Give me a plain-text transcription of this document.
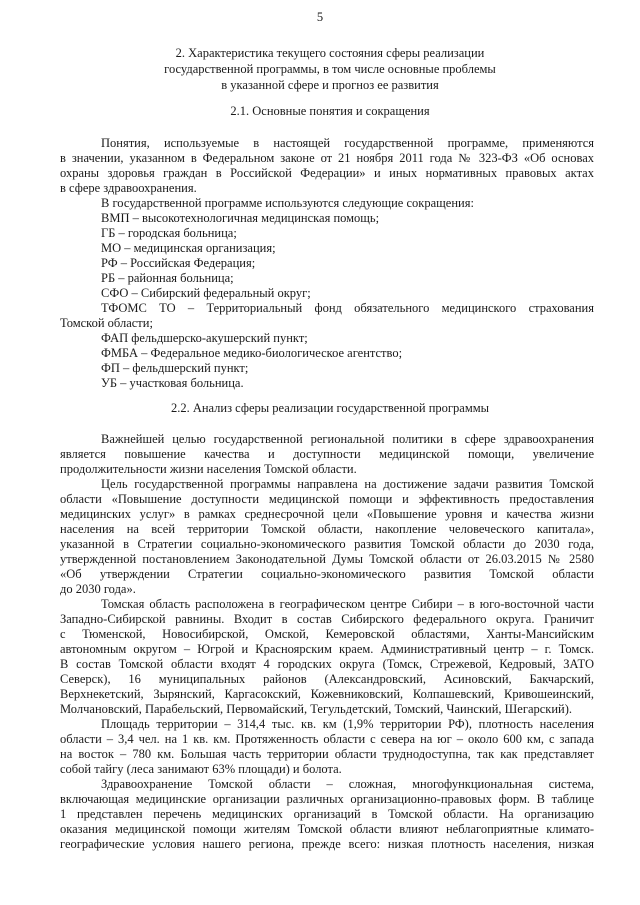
5
2. Характеристика текущего состояния сферы реализации
государственной программы, в том числе основные проблемы
в указанной сфере и прогноз ее развития
2.1. Основные понятия и сокращения
Понятия, используемые в настоящей государственной программе, применяются
в значении, указанном в Федеральном законе от 21 ноября 2011 года № 323-ФЗ «Об основах
охраны здоровья граждан в Российской Федерации» и иных нормативных правовых актах
в сфере здравоохранения.
В государственной программе используются следующие сокращения:
ВМП – высокотехнологичная медицинская помощь;
ГБ – городская больница;
МО – медицинская организация;
РФ – Российская Федерация;
РБ – районная больница;
СФО – Сибирский федеральный округ;
ТФОМС ТО – Территориальный фонд обязательного медицинского страхования
Томской области;
ФАП фельдшерско-акушерский пункт;
ФМБА – Федеральное медико-биологическое агентство;
ФП – фельдшерский пункт;
УБ – участковая больница.
2.2. Анализ сферы реализации государственной программы
Важнейшей целью государственной региональной политики в сфере здравоохранения
является повышение качества и доступности медицинской помощи, увеличение
продолжительности жизни населения Томской области.
Цель государственной программы направлена на достижение задачи развития Томской
области «Повышение доступности медицинской помощи и эффективность предоставления
медицинских услуг» в рамках среднесрочной цели «Повышение уровня и качества жизни
населения на всей территории Томской области, накопление человеческого капитала»,
указанной в Стратегии социально-экономического развития Томской области до 2030 года,
утвержденной постановлением Законодательной Думы Томской области от 26.03.2015 № 2580
«Об утверждении Стратегии социально-экономического развития Томской области
до 2030 года».
Томская область расположена в географическом центре Сибири – в юго-восточной части
Западно-Сибирской равнины. Входит в состав Сибирского федерального округа. Граничит
с Тюменской, Новосибирской, Омской, Кемеровской областями, Ханты-Мансийским
автономным округом – Югрой и Красноярским краем. Административный центр – г. Томск.
В состав Томской области входят 4 городских округа (Томск, Стрежевой, Кедровый, ЗАТО
Северск), 16 муниципальных районов (Александровский, Асиновский, Бакчарский,
Верхнекетский, Зырянский, Каргасокский, Кожевниковский, Колпашевский, Кривошеинский,
Молчановский, Парабельский, Первомайский, Тегульдетский, Томский, Чаинский, Шегарский).
Площадь территории – 314,4 тыс. кв. км (1,9% территории РФ), плотность населения
области – 3,4 чел. на 1 кв. км. Протяженность области с севера на юг – около 600 км, с запада
на восток – 780 км. Большая часть территории области труднодоступна, так как представляет
собой тайгу (леса занимают 63% площади) и болота.
Здравоохранение Томской области – сложная, многофункциональная система,
включающая медицинские организации различных организационно-правовых форм. В таблице
1 представлен перечень медицинских организаций в Томской области. На организацию
оказания медицинской помощи жителям Томской области влияют неблагоприятные климато-
географические условия нашего региона, прежде всего: низкая плотность населения, низкая
